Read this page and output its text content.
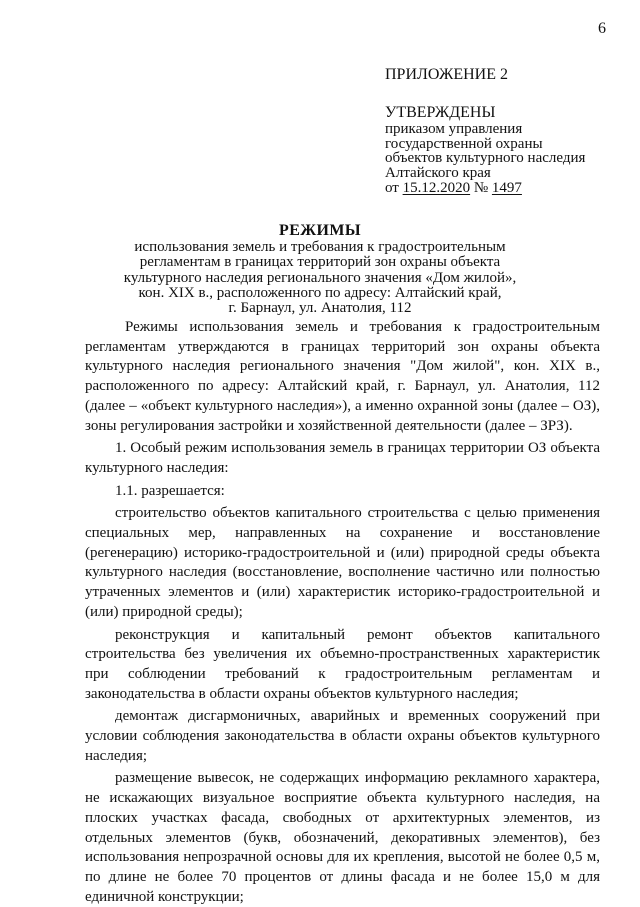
6
ПРИЛОЖЕНИЕ 2
УТВЕРЖДЕНЫ
приказом управления
государственной охраны
объектов культурного наследия
Алтайского края
от 15.12.2020 № 1497
РЕЖИМЫ
использования земель и требования к градостроительным
регламентам в границах территорий зон охраны объекта
культурного наследия регионального значения «Дом жилой»,
кон. XIX в., расположенного по адресу: Алтайский край,
г. Барнаул, ул. Анатолия, 112

Режимы использования земель и требования к градостроительным регламентам утверждаются в границах территорий зон охраны объекта культурного наследия регионального значения "Дом жилой", кон. XIX в., расположенного по адресу: Алтайский край, г. Барнаул, ул. Анатолия, 112 (далее – «объект культурного наследия»), а именно охранной зоны (далее – ОЗ), зоны регулирования застройки и хозяйственной деятельности (далее – ЗРЗ).

1. Особый режим использования земель в границах территории ОЗ объекта культурного наследия:

1.1. разрешается:

строительство объектов капитального строительства с целью применения специальных мер, направленных на сохранение и восстановление (регенерацию) историко-градостроительной и (или) природной среды объекта культурного наследия (восстановление, восполнение частично или полностью утраченных элементов и (или) характеристик историко-градостроительной и (или) природной среды);

реконструкция и капитальный ремонт объектов капитального строительства без увеличения их объемно-пространственных характеристик при соблюдении требований к градостроительным регламентам и законодательства в области охраны объектов культурного наследия;

демонтаж дисгармоничных, аварийных и временных сооружений при условии соблюдения законодательства в области охраны объектов культурного наследия;

размещение вывесок, не содержащих информацию рекламного характера, не искажающих визуальное восприятие объекта культурного наследия, на плоских участках фасада, свободных от архитектурных элементов, из отдельных элементов (букв, обозначений, декоративных элементов), без использования непрозрачной основы для их крепления, высотой не более 0,5 м, по длине не более 70 процентов от длины фасада и не более 15,0 м для единичной конструкции;
